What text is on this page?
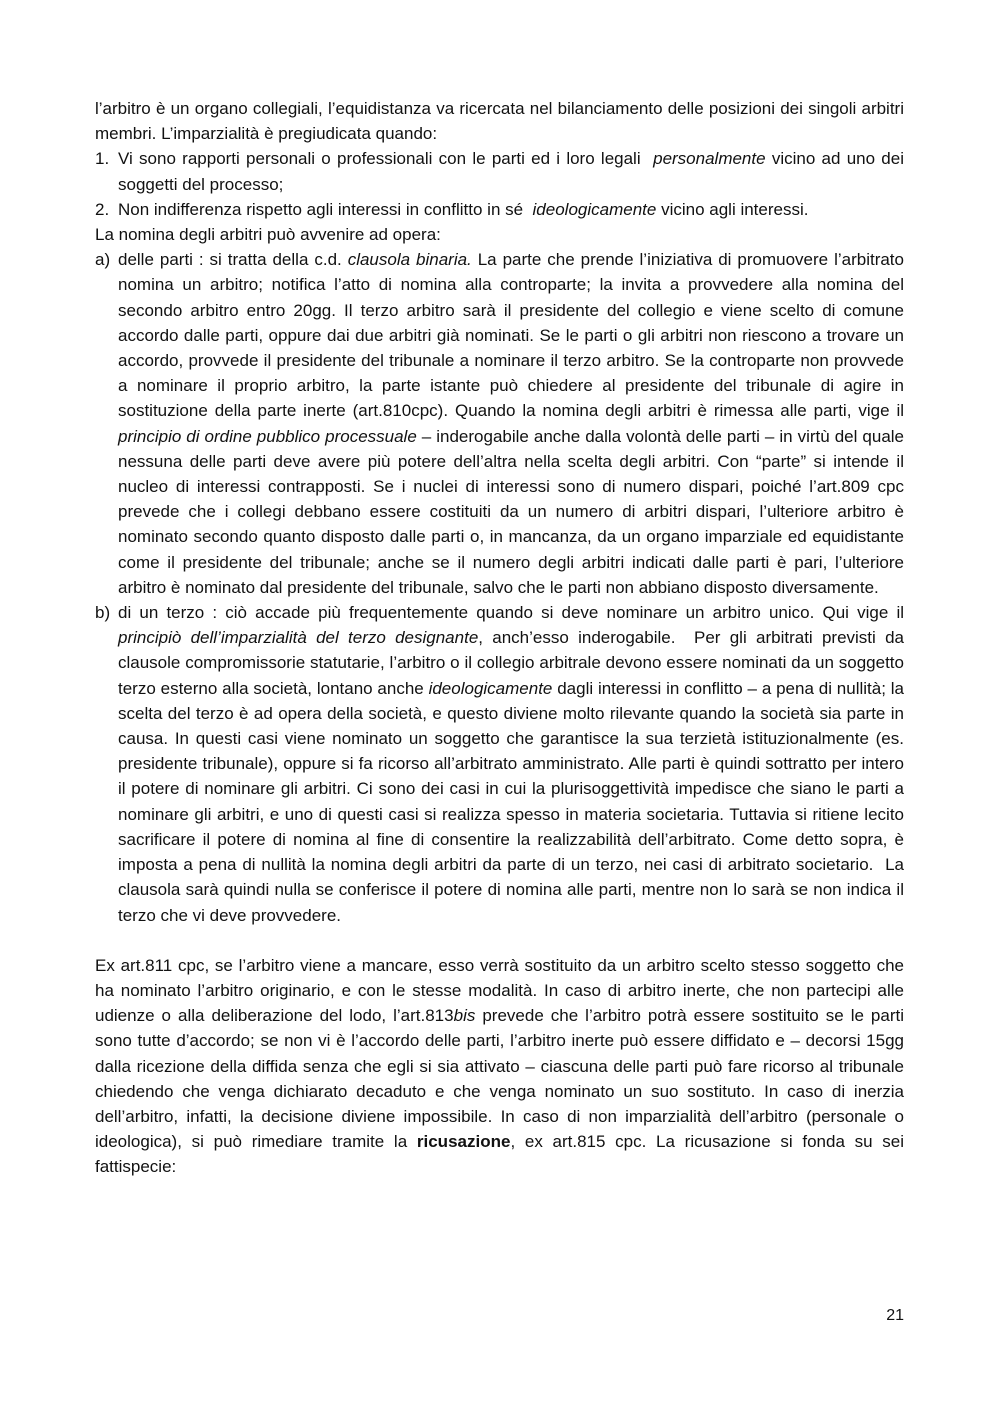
l’arbitro è un organo collegiali, l’equidistanza va ricercata nel bilanciamento delle posizioni dei singoli arbitri membri. L’imparzialità è pregiudicata quando:

1. Vi sono rapporti personali o professionali con le parti ed i loro legali  personalmente vicino ad uno dei soggetti del processo;
2. Non indifferenza rispetto agli interessi in conflitto in sé  ideologicamente vicino agli interessi.

La nomina degli arbitri può avvenire ad opera:

a) delle parti : si tratta della c.d. clausola binaria. La parte che prende l’iniziativa di promuovere l’arbitrato nomina un arbitro; notifica l’atto di nomina alla controparte; la invita a provvedere alla nomina del secondo arbitro entro 20gg. Il terzo arbitro sarà il presidente del collegio e viene scelto di comune accordo dalle parti, oppure dai due arbitri già nominati. Se le parti o gli arbitri non riescono a trovare un accordo, provvede il presidente del tribunale a nominare il terzo arbitro. Se la controparte non provvede a nominare il proprio arbitro, la parte istante può chiedere al presidente del tribunale di agire in sostituzione della parte inerte (art.810cpc). Quando la nomina degli arbitri è rimessa alle parti, vige il principio di ordine pubblico processuale – inderogabile anche dalla volontà delle parti – in virtù del quale nessuna delle parti deve avere più potere dell’altra nella scelta degli arbitri. Con “parte” si intende il nucleo di interessi contrapposti. Se i nuclei di interessi sono di numero dispari, poiché l’art.809 cpc prevede che i collegi debbano essere costituiti da un numero di arbitri dispari, l’ulteriore arbitro è nominato secondo quanto disposto dalle parti o, in mancanza, da un organo imparziale ed equidistante come il presidente del tribunale; anche se il numero degli arbitri indicati dalle parti è pari, l’ulteriore arbitro è nominato dal presidente del tribunale, salvo che le parti non abbiano disposto diversamente.
b) di un terzo : ciò accade più frequentemente quando si deve nominare un arbitro unico. Qui vige il principiò dell’imparzialità del terzo designante, anch’esso inderogabile.  Per gli arbitrati previsti da clausole compromissorie statutarie, l’arbitro o il collegio arbitrale devono essere nominati da un soggetto terzo esterno alla società, lontano anche ideologicamente dagli interessi in conflitto – a pena di nullità; la scelta del terzo è ad opera della società, e questo diviene molto rilevante quando la società sia parte in causa. In questi casi viene nominato un soggetto che garantisce la sua terzietà istituzionalmente (es. presidente tribunale), oppure si fa ricorso all’arbitrato amministrato. Alle parti è quindi sottratto per intero il potere di nominare gli arbitri. Ci sono dei casi in cui la plurisoggettività impedisce che siano le parti a nominare gli arbitri, e uno di questi casi si realizza spesso in materia societaria. Tuttavia si ritiene lecito sacrificare il potere di nomina al fine di consentire la realizzabilità dell’arbitrato. Come detto sopra, è imposta a pena di nullità la nomina degli arbitri da parte di un terzo, nei casi di arbitrato societario.  La clausola sarà quindi nulla se conferisce il potere di nomina alle parti, mentre non lo sarà se non indica il terzo che vi deve provvedere.

Ex art.811 cpc, se l’arbitro viene a mancare, esso verrà sostituito da un arbitro scelto stesso soggetto che ha nominato l’arbitro originario, e con le stesse modalità. In caso di arbitro inerte, che non partecipi alle udienze o alla deliberazione del lodo, l’art.813bis prevede che l’arbitro potrà essere sostituito se le parti sono tutte d’accordo; se non vi è l’accordo delle parti, l’arbitro inerte può essere diffidato e – decorsi 15gg dalla ricezione della diffida senza che egli si sia attivato – ciascuna delle parti può fare ricorso al tribunale chiedendo che venga dichiarato decaduto e che venga nominato un suo sostituto. In caso di inerzia dell’arbitro, infatti, la decisione diviene impossibile. In caso di non imparzialità dell’arbitro (personale o ideologica), si può rimediare tramite la ricusazione, ex art.815 cpc. La ricusazione si fonda su sei fattispecie:

21
